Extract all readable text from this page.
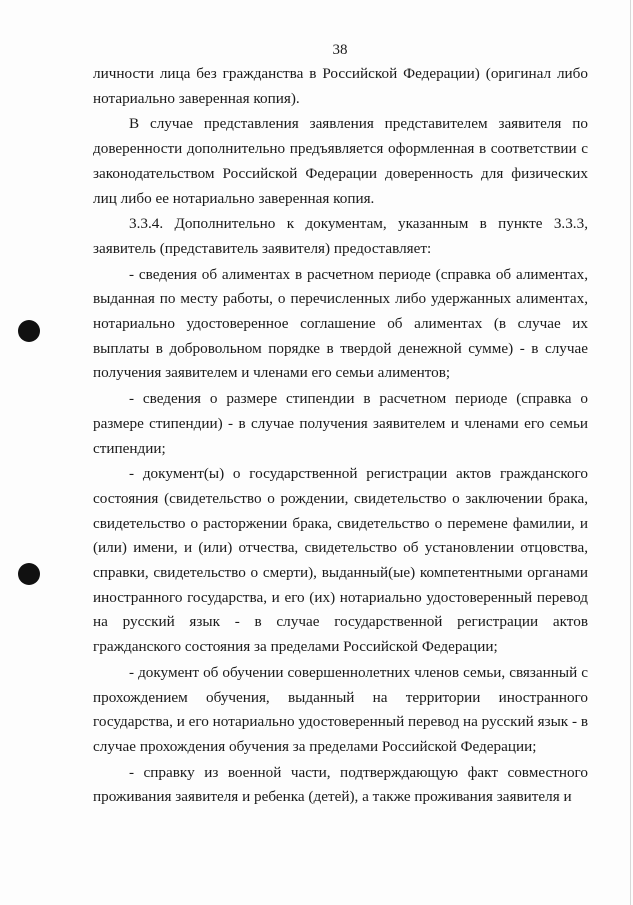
38

личности лица без гражданства в Российской Федерации) (оригинал либо нотариально заверенная копия).

В случае представления заявления представителем заявителя по доверенности дополнительно предъявляется оформленная в соответствии с законодательством Российской Федерации доверенность для физических лиц либо ее нотариально заверенная копия.

3.3.4. Дополнительно к документам, указанным в пункте 3.3.3, заявитель (представитель заявителя) предоставляет:

- сведения об алиментах в расчетном периоде (справка об алиментах, выданная по месту работы, о перечисленных либо удержанных алиментах, нотариально удостоверенное соглашение об алиментах (в случае их выплаты в добровольном порядке в твердой денежной сумме) - в случае получения заявителем и членами его семьи алиментов;

- сведения о размере стипендии в расчетном периоде (справка о размере стипендии) - в случае получения заявителем и членами его семьи стипендии;

- документ(ы) о государственной регистрации актов гражданского состояния (свидетельство о рождении, свидетельство о заключении брака, свидетельство о расторжении брака, свидетельство о перемене фамилии, и (или) имени, и (или) отчества, свидетельство об установлении отцовства, справки, свидетельство о смерти), выданный(ые) компетентными органами иностранного государства, и его (их) нотариально удостоверенный перевод на русский язык - в случае государственной регистрации актов гражданского состояния за пределами Российской Федерации;

- документ об обучении совершеннолетних членов семьи, связанный с прохождением обучения, выданный на территории иностранного государства, и его нотариально удостоверенный перевод на русский язык - в случае прохождения обучения за пределами Российской Федерации;

- справку из военной части, подтверждающую факт совместного проживания заявителя и ребенка (детей), а также проживания заявителя и
